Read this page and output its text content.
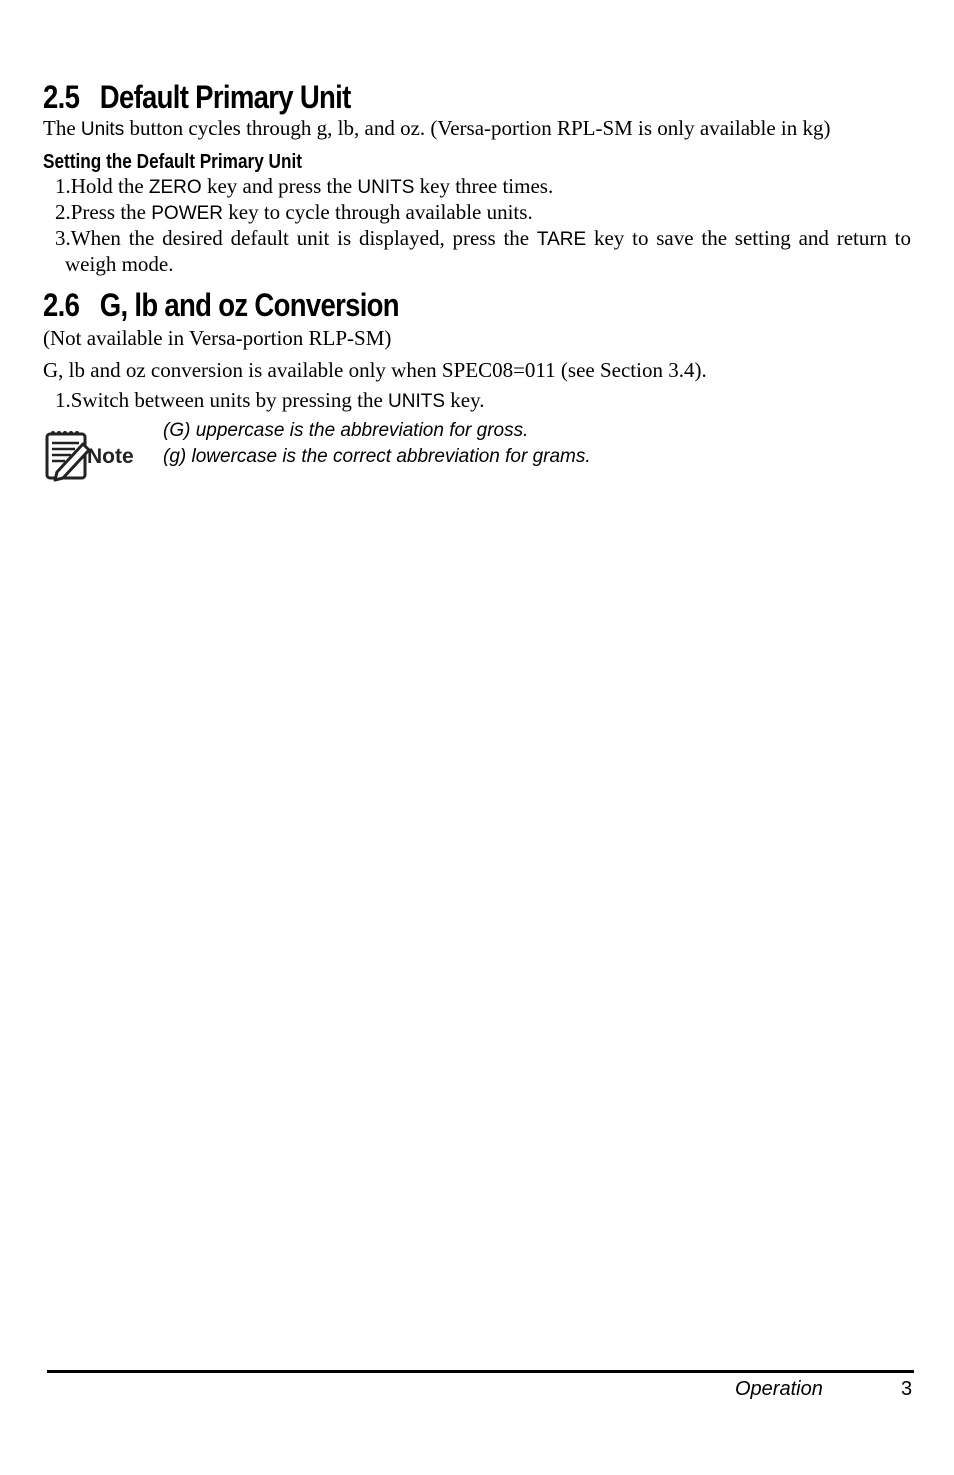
2.5 Default Primary Unit

The Units button cycles through g, lb, and oz. (Versa-portion RPL-SM is only available in kg)

Setting the Default Primary Unit
1.Hold the ZERO key and press the UNITS key three times.
2.Press the POWER key to cycle through available units.
3.When the desired default unit is displayed, press the TARE key to save the setting and return to weigh mode.
2.6 G, lb and oz Conversion

(Not available in Versa-portion RLP-SM)

G, lb and oz conversion is available only when SPEC08=011 (see Section 3.4).

1.Switch between units by pressing the UNITS key.
Note

(G) uppercase is the abbreviation for gross.

(g) lowercase is the correct abbreviation for grams.

Operation	3
